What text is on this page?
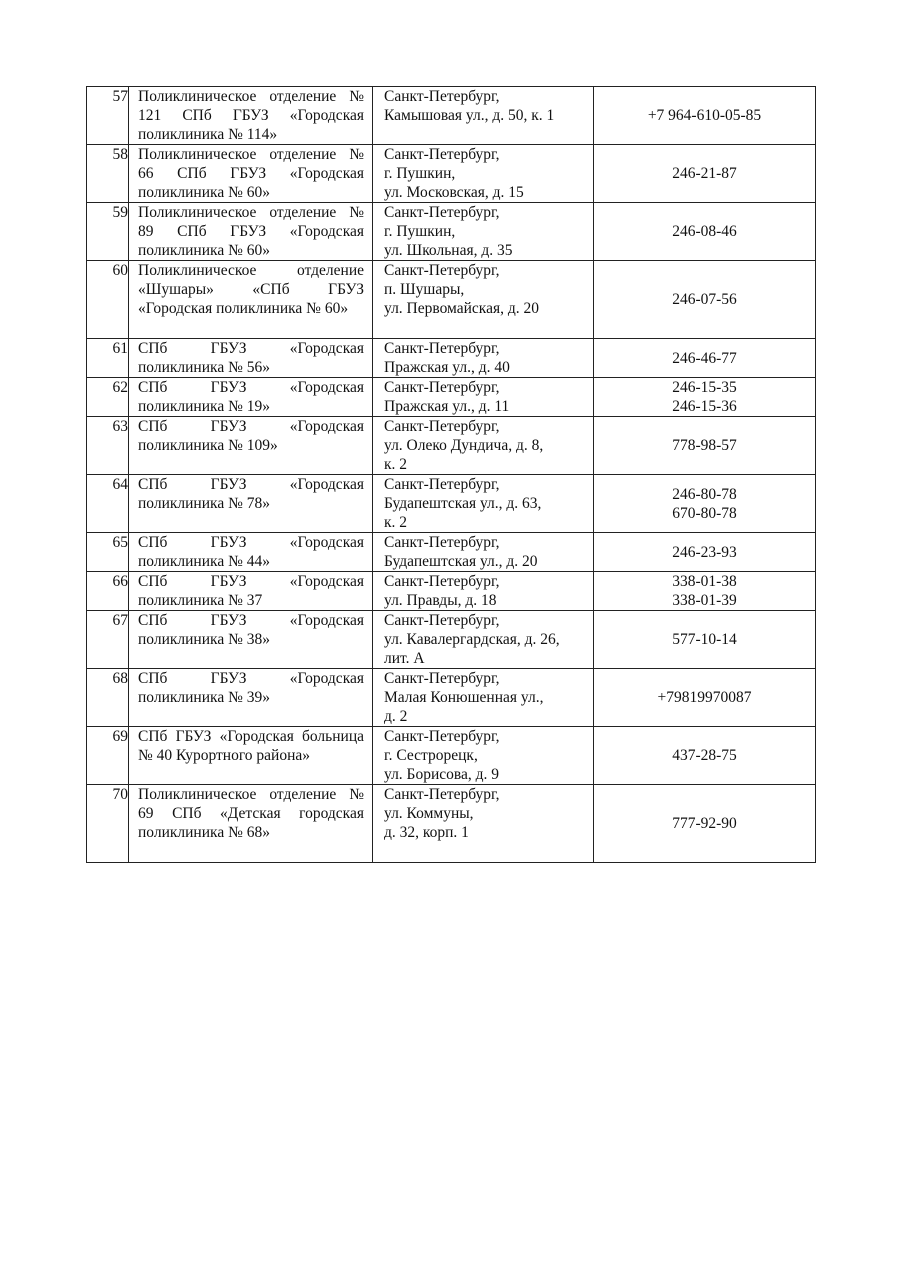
57	Поликлиническое отделение № 121 СПб ГБУЗ «Городская поликлиника № 114»	Санкт-Петербург,
Камышовая ул., д. 50, к. 1	+7 964-610-05-85

58	Поликлиническое отделение № 66 СПб ГБУЗ «Городская поликлиника № 60»	Санкт-Петербург,
г. Пушкин,
ул. Московская, д. 15	246-21-87

59	Поликлиническое отделение № 89 СПб ГБУЗ «Городская поликлиника № 60»	Санкт-Петербург,
г. Пушкин,
ул. Школьная, д. 35	246-08-46

60	Поликлиническое отделение «Шушары» «СПб ГБУЗ «Городская поликлиника № 60»	Санкт-Петербург,
п. Шушары,
ул. Первомайская, д. 20	246-07-56

61	СПб ГБУЗ «Городская поликлиника № 56»	Санкт-Петербург,
Пражская ул., д. 40	246-46-77

62	СПб ГБУЗ «Городская поликлиника № 19»	Санкт-Петербург,
Пражская ул., д. 11	246-15-35
246-15-36

63	СПб ГБУЗ «Городская поликлиника № 109»	Санкт-Петербург,
ул. Олеко Дундича, д. 8,
к. 2	778-98-57

64	СПб ГБУЗ «Городская поликлиника № 78»	Санкт-Петербург,
Будапештская ул., д. 63,
к. 2	246-80-78
670-80-78

65	СПб ГБУЗ «Городская поликлиника № 44»	Санкт-Петербург,
Будапештская ул., д. 20	246-23-93

66	СПб ГБУЗ «Городская поликлиника № 37	Санкт-Петербург,
ул. Правды, д. 18	338-01-38
338-01-39

67	СПб ГБУЗ «Городская поликлиника № 38»	Санкт-Петербург,
ул. Кавалергардская, д. 26,
лит. А	577-10-14

68	СПб ГБУЗ «Городская поликлиника № 39»	Санкт-Петербург,
Малая Конюшенная ул.,
д. 2	+79819970087

69	СПб ГБУЗ «Городская больница № 40 Курортного района»	Санкт-Петербург,
г. Сестрорецк,
ул. Борисова, д. 9	437-28-75

70	Поликлиническое отделение № 69 СПб «Детская городская поликлиника № 68»	Санкт-Петербург,
ул. Коммуны,
д. 32, корп. 1	777-92-90
